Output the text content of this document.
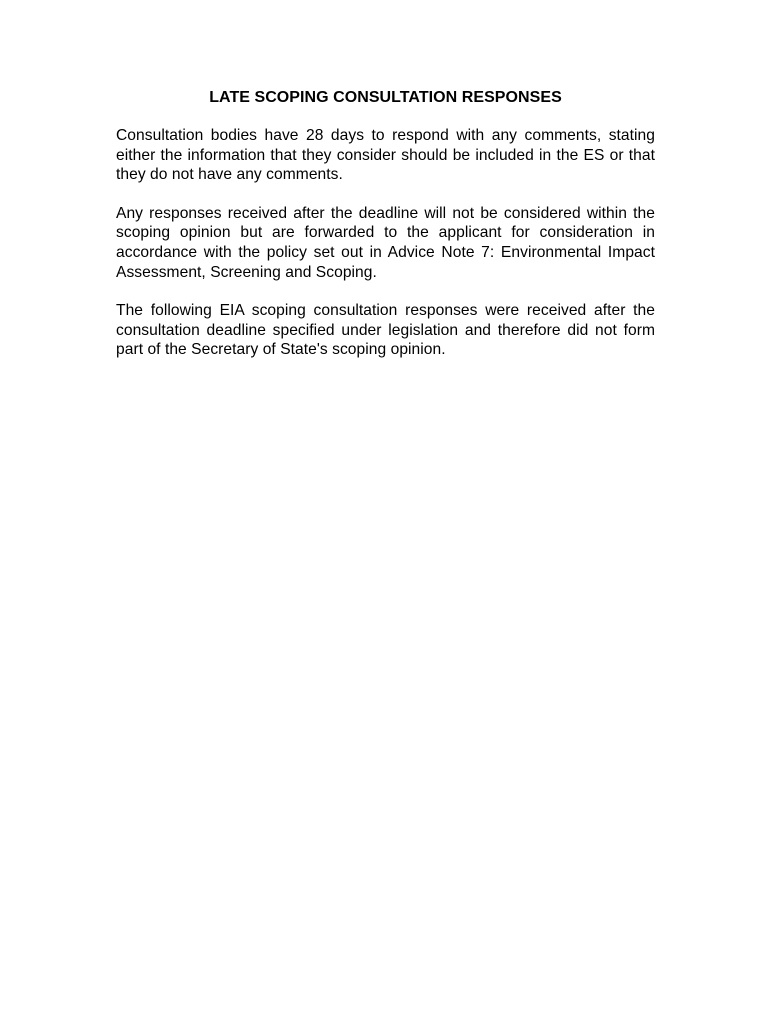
LATE SCOPING CONSULTATION RESPONSES

Consultation bodies have 28 days to respond with any comments, stating either the information that they consider should be included in the ES or that they do not have any comments.

Any responses received after the deadline will not be considered within the scoping opinion but are forwarded to the applicant for consideration in accordance with the policy set out in Advice Note 7: Environmental Impact Assessment, Screening and Scoping.

The following EIA scoping consultation responses were received after the consultation deadline specified under legislation and therefore did not form part of the Secretary of State's scoping opinion.
